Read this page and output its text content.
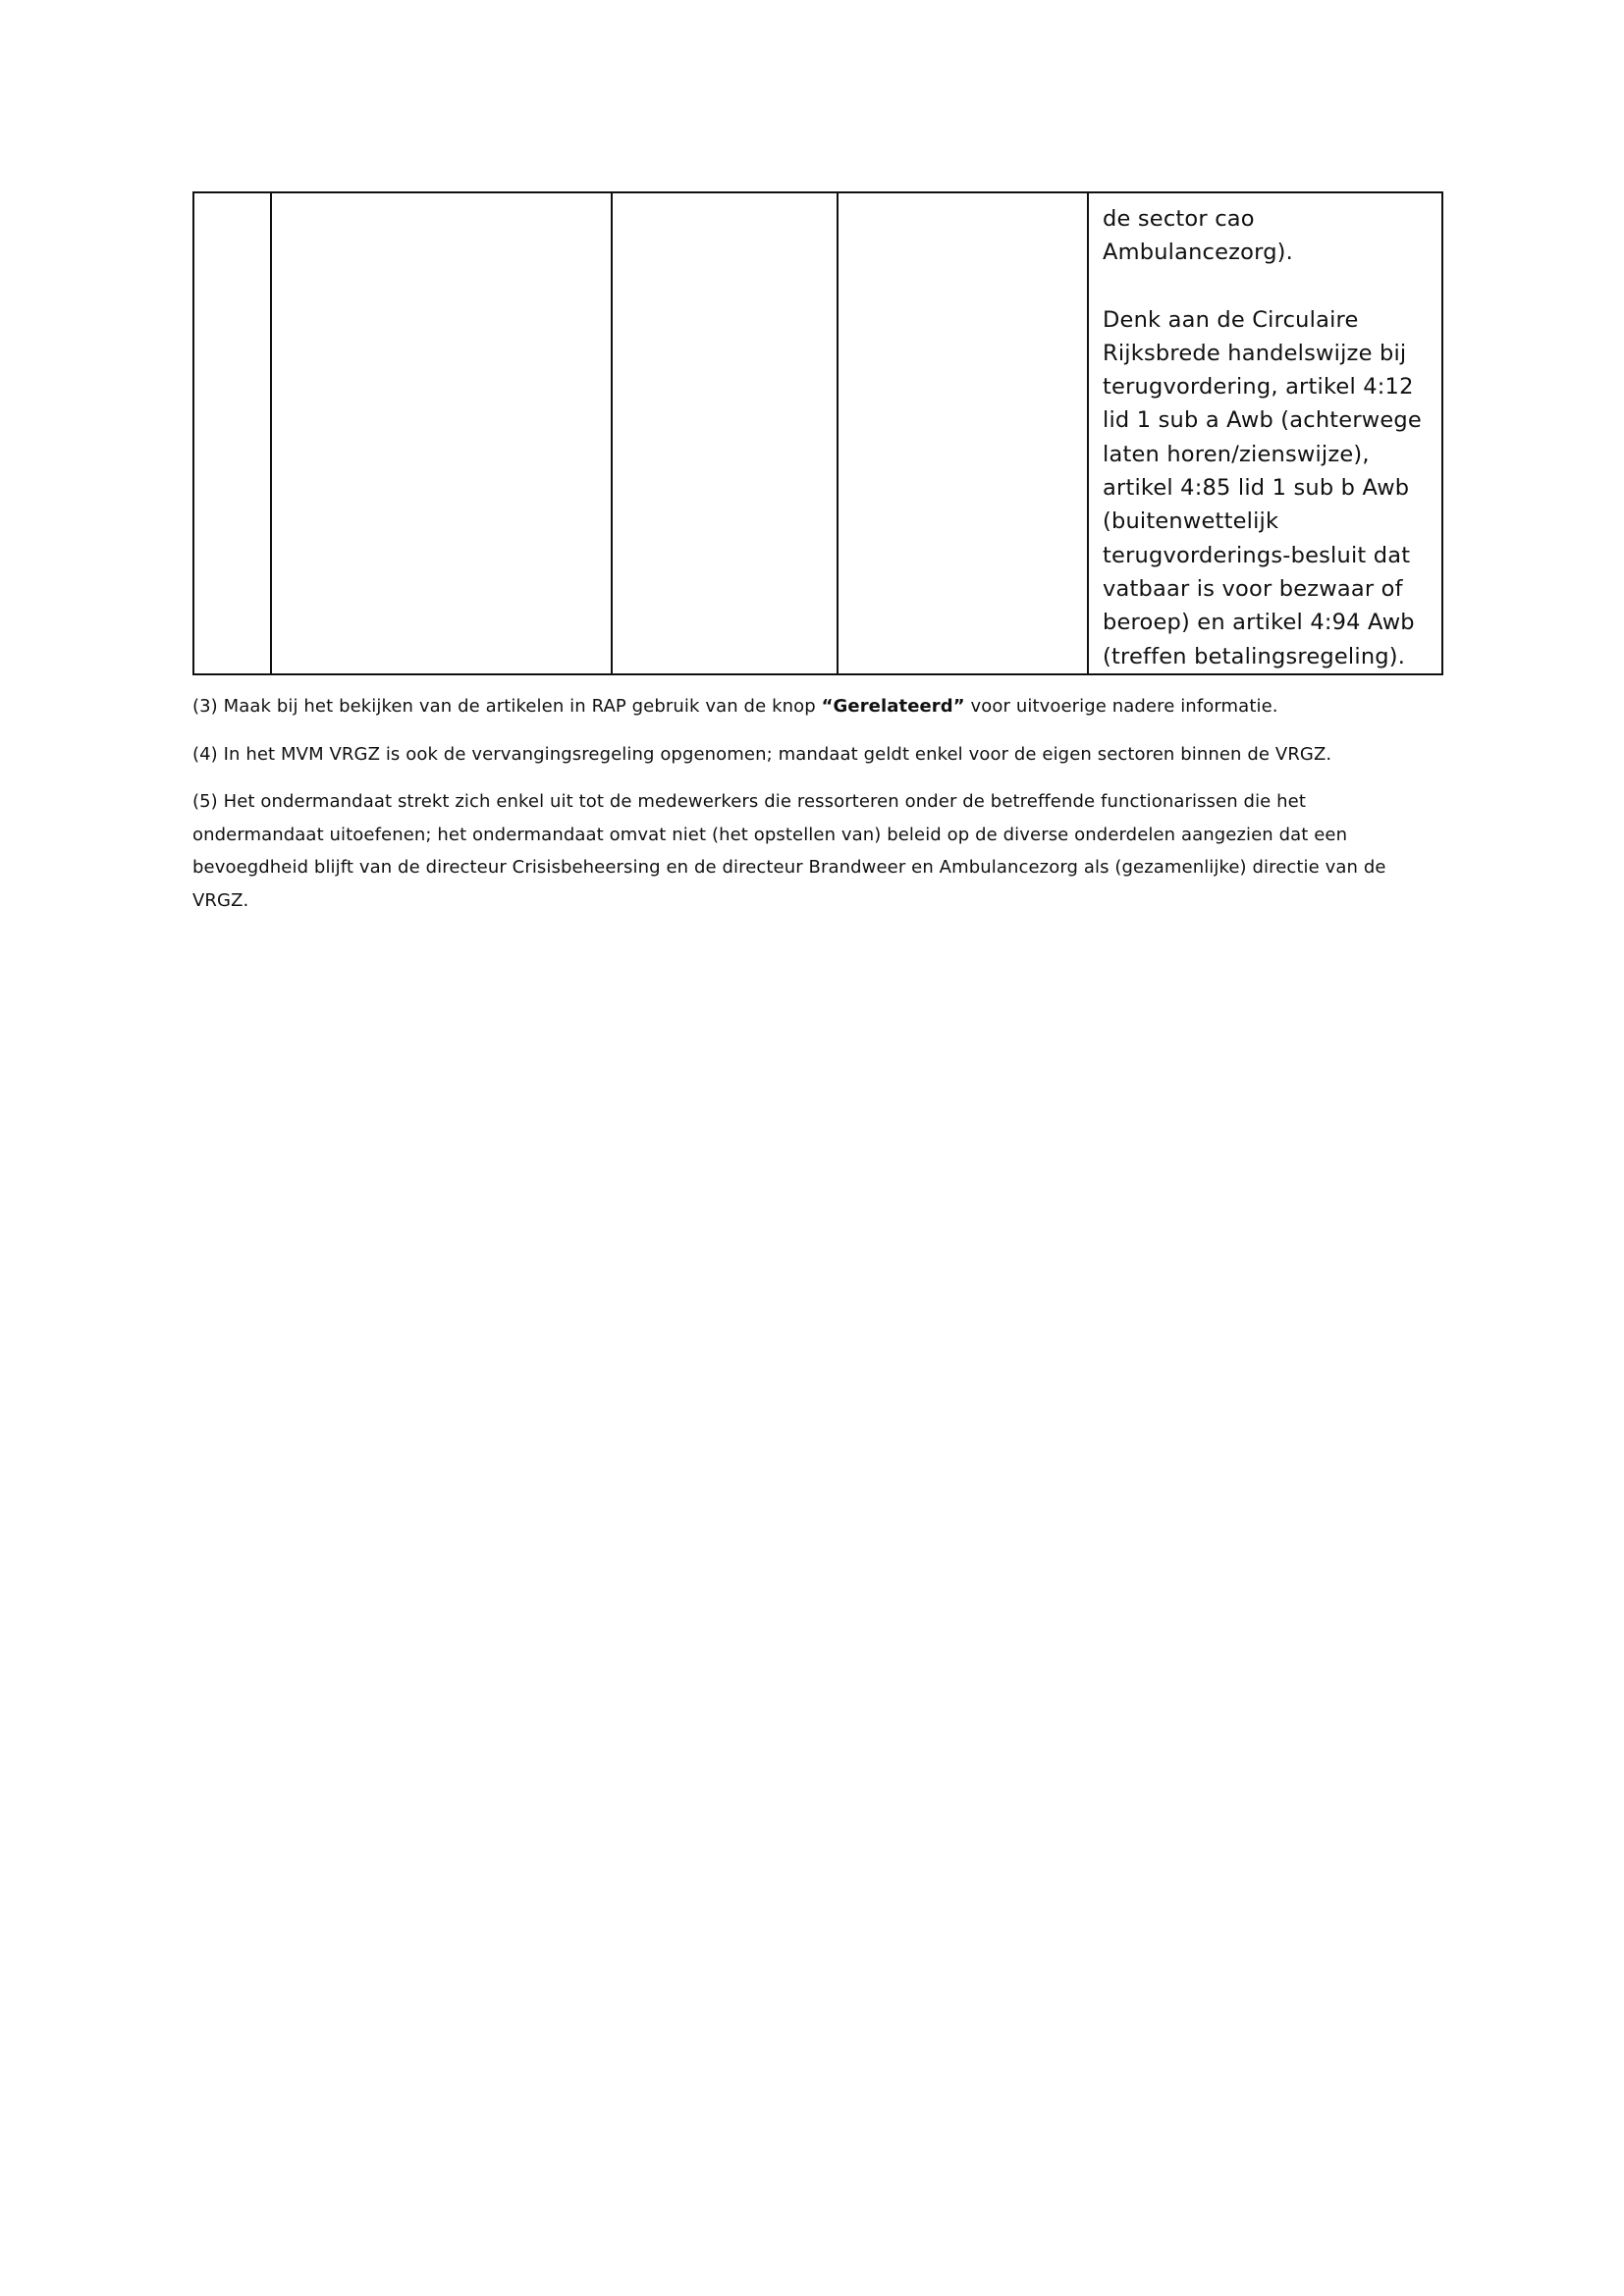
de sector cao Ambulancezorg).

Denk aan de Circulaire Rijksbrede handelswijze bij terugvordering, artikel 4:12 lid 1 sub a Awb (achterwege laten horen/zienswijze), artikel 4:85 lid 1 sub b Awb (buitenwettelijk terugvorderings-besluit dat vatbaar is voor bezwaar of beroep) en artikel 4:94 Awb (treffen betalingsregeling).

(3) Maak bij het bekijken van de artikelen in RAP gebruik van de knop “Gerelateerd” voor uitvoerige nadere informatie.

(4) In het MVM VRGZ is ook de vervangingsregeling opgenomen; mandaat geldt enkel voor de eigen sectoren binnen de VRGZ.

(5) Het ondermandaat strekt zich enkel uit tot de medewerkers die ressorteren onder de betreffende functionarissen die het ondermandaat uitoefenen; het ondermandaat omvat niet (het opstellen van) beleid op de diverse onderdelen aangezien dat een bevoegdheid blijft van de directeur Crisisbeheersing en de directeur Brandweer en Ambulancezorg als (gezamenlijke) directie van de VRGZ.
